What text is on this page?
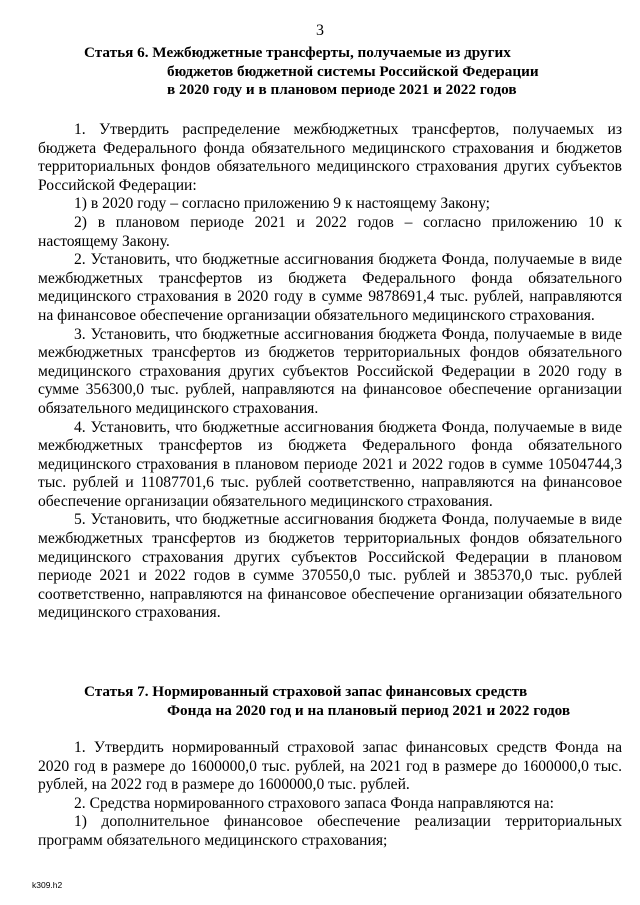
3
Статья 6. Межбюджетные трансферты, получаемые из других
бюджетов бюджетной системы Российской Федерации
в 2020 году и в плановом периоде 2021 и 2022 годов

1. Утвердить распределение межбюджетных трансфертов, получаемых из бюджета Федерального фонда обязательного медицинского страхования и бюджетов территориальных фондов обязательного медицинского страхования других субъектов Российской Федерации:

1) в 2020 году – согласно приложению 9 к настоящему Закону;

2) в плановом периоде 2021 и 2022 годов – согласно приложению 10 к настоящему Закону.

2. Установить, что бюджетные ассигнования бюджета Фонда, получаемые в виде межбюджетных трансфертов из бюджета Федерального фонда обязательного медицинского страхования в 2020 году в сумме 9878691,4 тыс. рублей, направляются на финансовое обеспечение организации обязательного медицинского страхования.

3. Установить, что бюджетные ассигнования бюджета Фонда, получаемые в виде межбюджетных трансфертов из бюджетов территориальных фондов обязательного медицинского страхования других субъектов Российской Федерации в 2020 году в сумме 356300,0 тыс. рублей, направляются на финансовое обеспечение организации обязательного медицинского страхования.

4. Установить, что бюджетные ассигнования бюджета Фонда, получаемые в виде межбюджетных трансфертов из бюджета Федерального фонда обязательного медицинского страхования в плановом периоде 2021 и 2022 годов в сумме 10504744,3 тыс. рублей и 11087701,6 тыс. рублей соответственно, направляются на финансовое обеспечение организации обязательного медицинского страхования.

5. Установить, что бюджетные ассигнования бюджета Фонда, получаемые в виде межбюджетных трансфертов из бюджетов территориальных фондов обязательного медицинского страхования других субъектов Российской Федерации в плановом периоде 2021 и 2022 годов в сумме 370550,0 тыс. рублей и 385370,0 тыс. рублей соответственно, направляются на финансовое обеспечение организации обязательного медицинского страхования.

Статья 7. Нормированный страховой запас финансовых средств
Фонда на 2020 год и на плановый период 2021 и 2022 годов

1. Утвердить нормированный страховой запас финансовых средств Фонда на 2020 год в размере до 1600000,0 тыс. рублей, на 2021 год в размере до 1600000,0 тыс. рублей, на 2022 год в размере до 1600000,0 тыс. рублей.

2. Средства нормированного страхового запаса Фонда направляются на:

1) дополнительное финансовое обеспечение реализации территориальных программ обязательного медицинского страхования;

k309.h2
